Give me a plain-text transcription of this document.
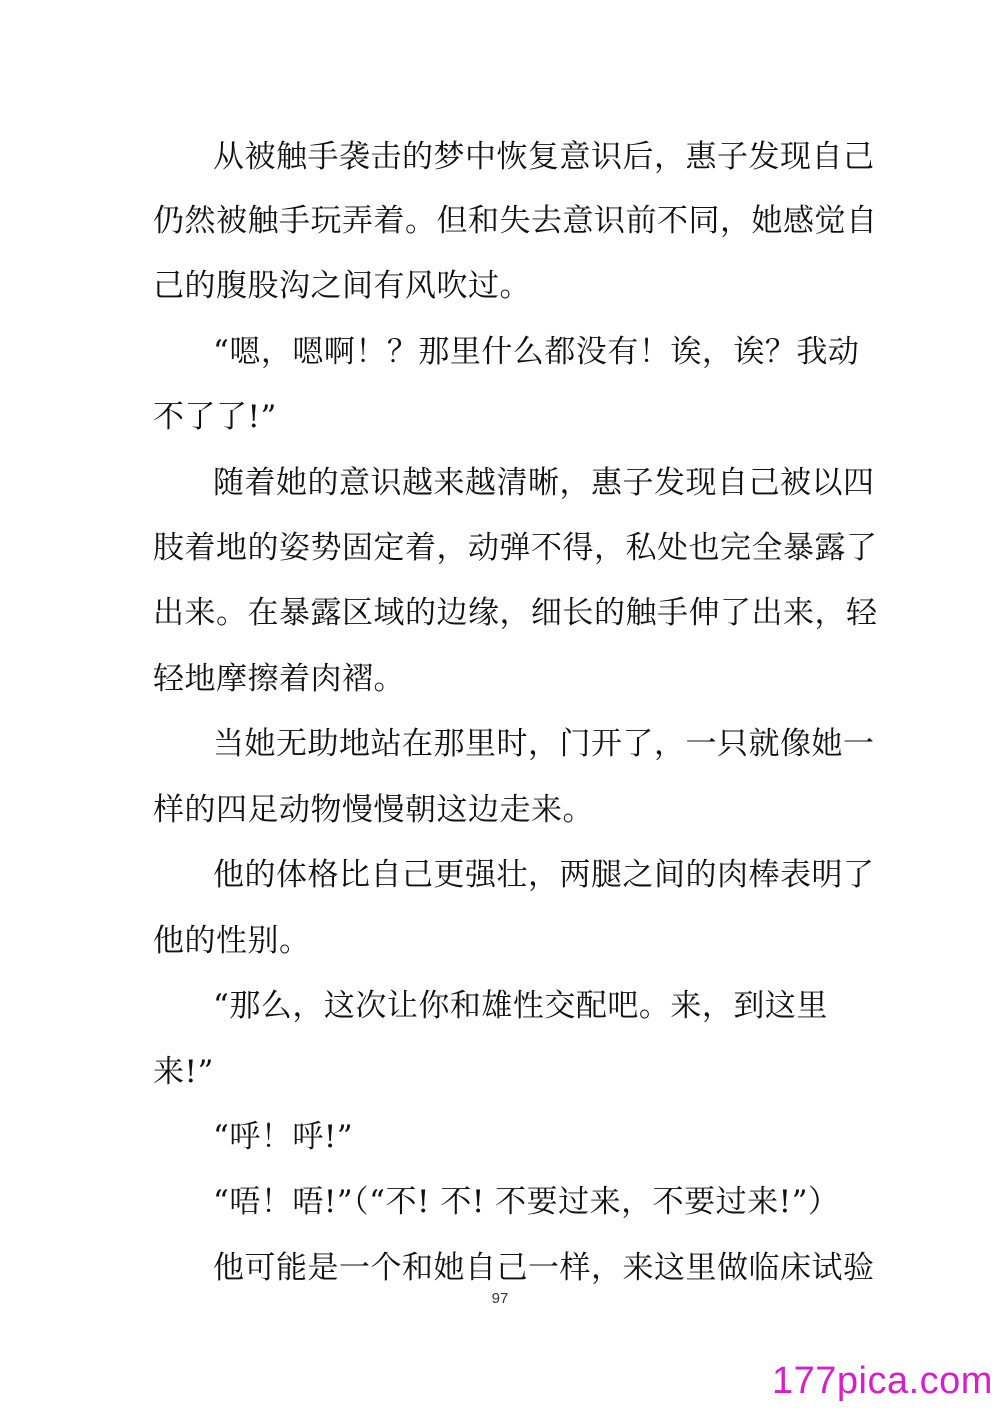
从被触手袭击的梦中恢复意识后，惠子发现自己
仍然被触手玩弄着。但和失去意识前不同，她感觉自
己的腹股沟之间有风吹过。
“嗯，嗯啊！？那里什么都没有！诶，诶？我动
不了了!”
随着她的意识越来越清晰，惠子发现自己被以四
肢着地的姿势固定着，动弹不得，私处也完全暴露了
出来。在暴露区域的边缘，细长的触手伸了出来，轻
轻地摩擦着肉褶。
当她无助地站在那里时，门开了，一只就像她一
样的四足动物慢慢朝这边走来。
他的体格比自己更强壮，两腿之间的肉棒表明了
他的性别。
“那么，这次让你和雄性交配吧。来，到这里
来!”
“呼！呼!”
“唔！唔!”（“不! 不! 不要过来，不要过来!”）
他可能是一个和她自己一样，来这里做临床试验
97
177pica.com
